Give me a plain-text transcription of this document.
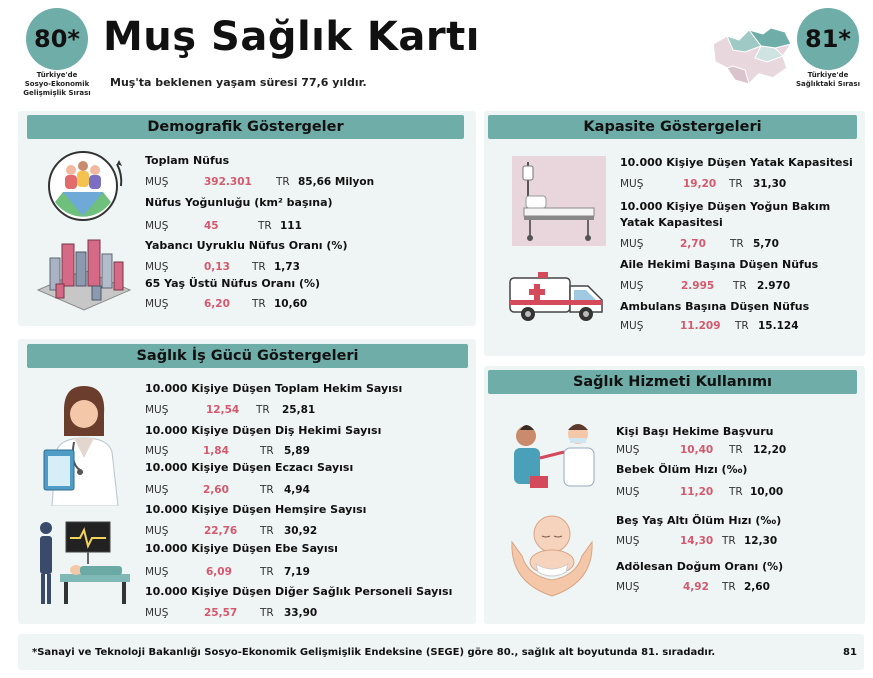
80*
Türkiye'de
Sosyo-Ekonomik
Gelişmişlik Sırası
Muş Sağlık Kartı
Muş'ta beklenen yaşam süresi 77,6 yıldır.
81*
Türkiye'de
Sağlıktaki Sırası
Demografik Göstergeler
Toplam Nüfus
MUŞ	392.301 TR 85,66 Milyon
Nüfus Yoğunluğu (km² başına)
MUŞ	45	TR 111
Yabancı Uyruklu Nüfus Oranı (%)
MUŞ	0,13 TR 1,73
65 Yaş Üstü Nüfus Oranı (%)
MUŞ	6,20 TR 10,60
Kapasite Göstergeleri
10.000 Kişiye Düşen Yatak Kapasitesi
MUŞ	19,20 TR 31,30
10.000 Kişiye Düşen Yoğun Bakım
Yatak Kapasitesi
MUŞ	2,70 TR 5,70
Aile Hekimi Başına Düşen Nüfus
MUŞ	2.995 TR 2.970
Ambulans Başına Düşen Nüfus
MUŞ	11.209 TR 15.124
Sağlık İş Gücü Göstergeleri
10.000 Kişiye Düşen Toplam Hekim Sayısı
MUŞ	12,54 TR 25,81
10.000 Kişiye Düşen Diş Hekimi Sayısı
MUŞ	1,84	TR 5,89
10.000 Kişiye Düşen Eczacı Sayısı
MUŞ	2,60	TR 4,94
10.000 Kişiye Düşen Hemşire Sayısı
MUŞ	22,76 TR 30,92
10.000 Kişiye Düşen Ebe Sayısı
MUŞ	6,09	TR 7,19
10.000 Kişiye Düşen Diğer Sağlık Personeli Sayısı
MUŞ	25,57 TR 33,90
Sağlık Hizmeti Kullanımı
Kişi Başı Hekime Başvuru
MUŞ	10,40 TR 12,20
Bebek Ölüm Hızı (‰)
MUŞ	11,20 TR 10,00
Beş Yaş Altı Ölüm Hızı (‰)
MUŞ	14,30 TR 12,30
Adölesan Doğum Oranı (%)
MUŞ	4,92 TR 2,60
*Sanayi ve Teknoloji Bakanlığı Sosyo-Ekonomik Gelişmişlik Endeksine (SEGE) göre 80., sağlık alt boyutunda 81. sıradadır.	81
